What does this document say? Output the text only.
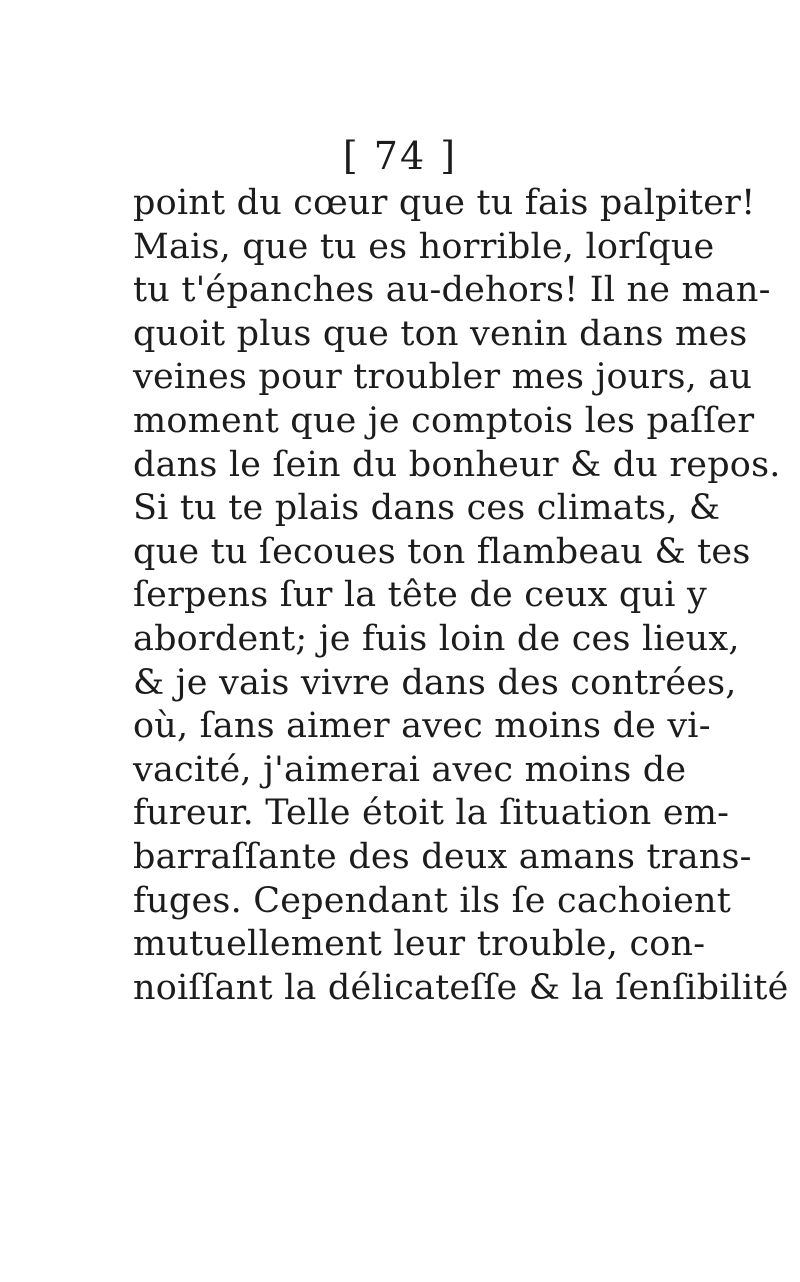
[ 74 ]
point du cœur que tu fais palpiter!
Mais, que tu es horrible, lorſque
tu t'épanches au-dehors! Il ne man-
quoit plus que ton venin dans mes
veines pour troubler mes jours, au
moment que je comptois les paſſer
dans le ſein du bonheur & du repos.
Si tu te plais dans ces climats, &
que tu ſecoues ton flambeau & tes
ſerpens ſur la tête de ceux qui y
abordent; je fuis loin de ces lieux,
& je vais vivre dans des contrées,
où, ſans aimer avec moins de vi-
vacité, j'aimerai avec moins de
fureur. Telle étoit la ſituation em-
barraſſante des deux amans trans-
fuges. Cependant ils ſe cachoient
mutuellement leur trouble, con-
noiſſant la délicateſſe & la ſenſibilité
